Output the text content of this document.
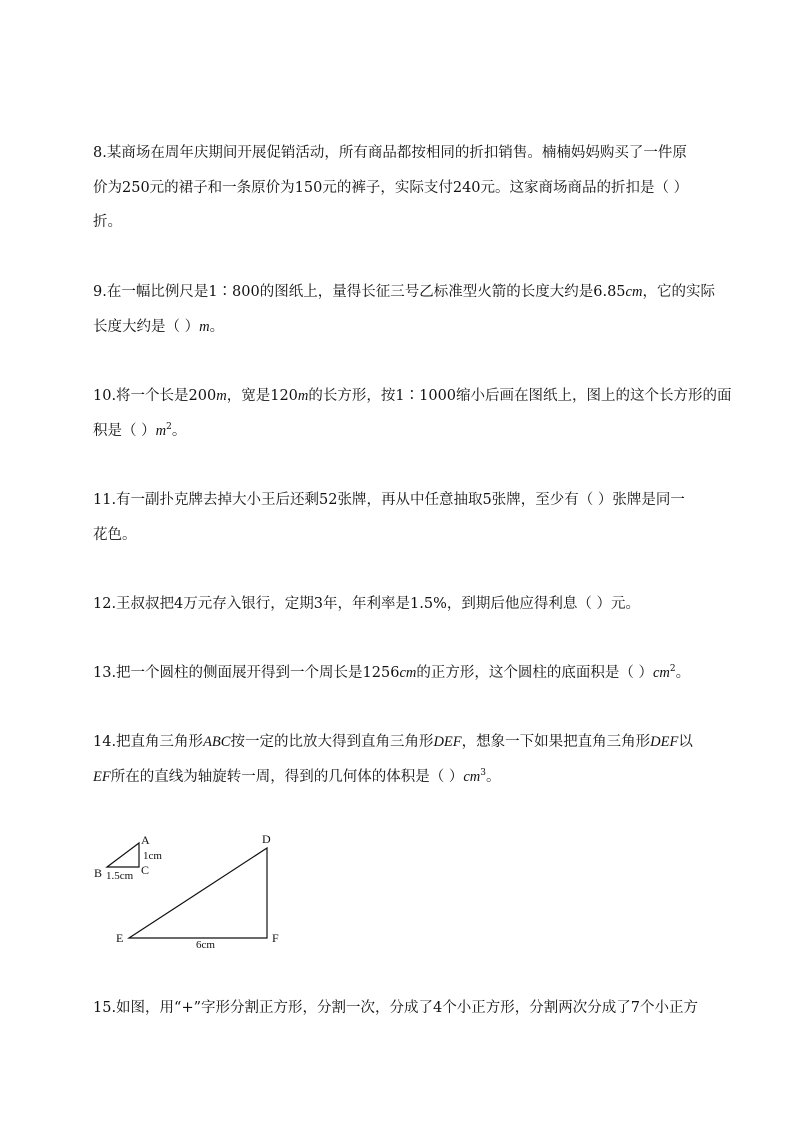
8.某商场在周年庆期间开展促销活动，所有商品都按相同的折扣销售。楠楠妈妈购买了一件原

价为250元的裙子和一条原价为150元的裤子，实际支付240元。这家商场商品的折扣是（ ）

折。

9.在一幅比例尺是1∶800的图纸上，量得长征三号乙标准型火箭的长度大约是6.85cm，它的实际

长度大约是（ ）m。

10.将一个长是200m，宽是120m的长方形，按1∶1000缩小后画在图纸上，图上的这个长方形的面

积是（ ）$m^2$。

11.有一副扑克牌去掉大小王后还剩52张牌，再从中任意抽取5张牌，至少有（ ）张牌是同一

花色。

12.王叔叔把4万元存入银行，定期3年，年利率是1.5%，到期后他应得利息（ ）元。

13.把一个圆柱的侧面展开得到一个周长是1256cm的正方形，这个圆柱的底面积是（ ）$cm^2$。

14.把直角三角形ABC按一定的比放大得到直角三角形DEF，想象一下如果把直角三角形DEF以

EF所在的直线为轴旋转一周，得到的几何体的体积是（ ）$cm^3$。

A
B	C
1cm
1.5cm
D
E	F
6cm

15.如图，用“+”字形分割正方形，分割一次，分成了4个小正方形，分割两次分成了7个小正方
